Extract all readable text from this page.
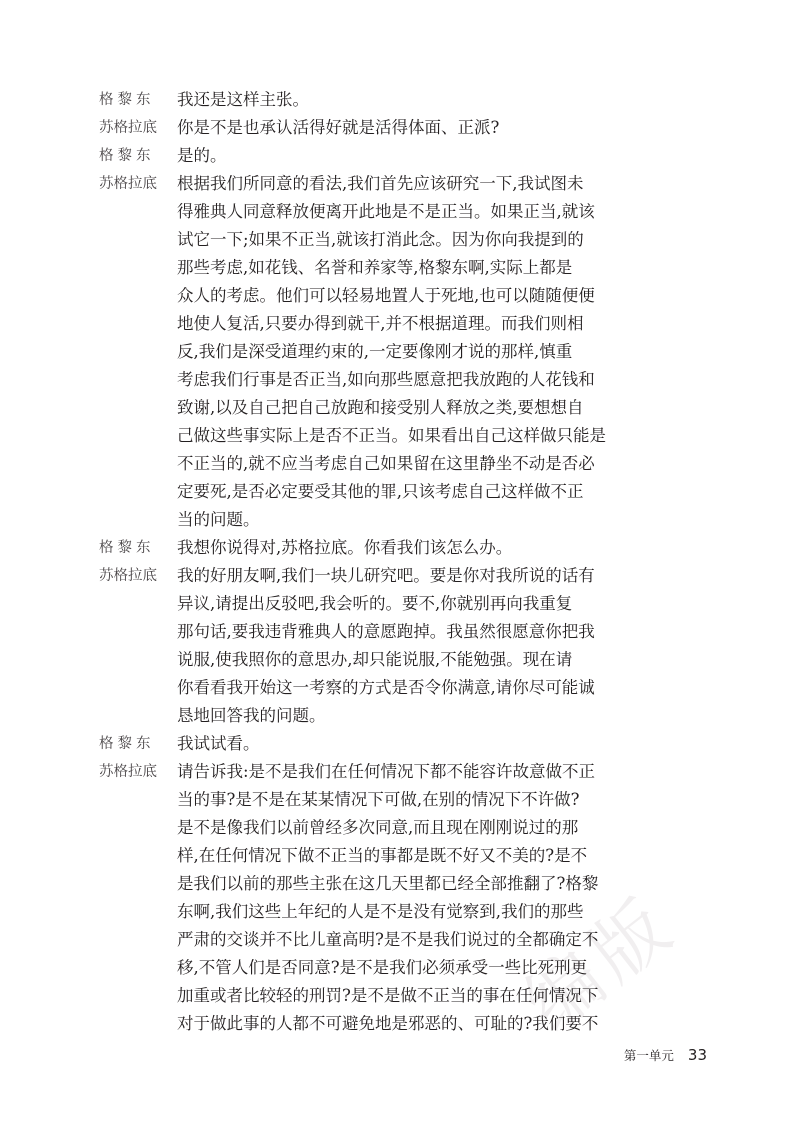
编
版
格黎东	我还是这样主张。
苏格拉底	你是不是也承认活得好就是活得体面、正派?
格黎东	是的。
苏格拉底	根据我们所同意的看法,我们首先应该研究一下,我试图未
得雅典人同意释放便离开此地是不是正当。如果正当,就该
试它一下;如果不正当,就该打消此念。因为你向我提到的
那些考虑,如花钱、名誉和养家等,格黎东啊,实际上都是
众人的考虑。他们可以轻易地置人于死地,也可以随随便便
地使人复活,只要办得到就干,并不根据道理。而我们则相
反,我们是深受道理约束的,一定要像刚才说的那样,慎重
考虑我们行事是否正当,如向那些愿意把我放跑的人花钱和
致谢,以及自己把自己放跑和接受别人释放之类,要想想自
己做这些事实际上是否不正当。如果看出自己这样做只能是
不正当的,就不应当考虑自己如果留在这里静坐不动是否必
定要死,是否必定要受其他的罪,只该考虑自己这样做不正
当的问题。
格黎东	我想你说得对,苏格拉底。你看我们该怎么办。
苏格拉底	我的好朋友啊,我们一块儿研究吧。要是你对我所说的话有
异议,请提出反驳吧,我会听的。要不,你就别再向我重复
那句话,要我违背雅典人的意愿跑掉。我虽然很愿意你把我
说服,使我照你的意思办,却只能说服,不能勉强。现在请
你看看我开始这一考察的方式是否令你满意,请你尽可能诚
恳地回答我的问题。
格黎东	我试试看。
苏格拉底	请告诉我:是不是我们在任何情况下都不能容许故意做不正
当的事?是不是在某某情况下可做,在别的情况下不许做?
是不是像我们以前曾经多次同意,而且现在刚刚说过的那
样,在任何情况下做不正当的事都是既不好又不美的?是不
是我们以前的那些主张在这几天里都已经全部推翻了?格黎
东啊,我们这些上年纪的人是不是没有觉察到,我们的那些
严肃的交谈并不比儿童高明?是不是我们说过的全都确定不
移,不管人们是否同意?是不是我们必须承受一些比死刑更
加重或者比较轻的刑罚?是不是做不正当的事在任何情况下
对于做此事的人都不可避免地是邪恶的、可耻的?我们要不
第一单元 33
